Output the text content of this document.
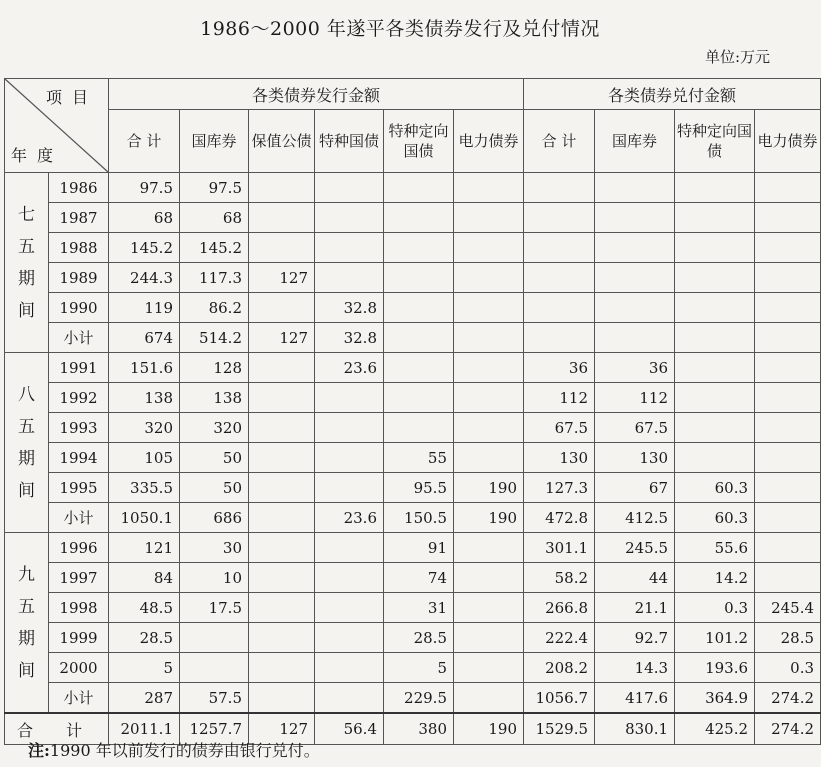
1986～2000 年遂平各类债券发行及兑付情况
单位:万元
项目
年度		各类债券发行金额						各类债券兑付金额			
		合 计	国库券	保值公债	特种国债	特种定向国债	电力债券	合 计	国库券	特种定向国债	电力债券

七
五
期
间	1986	97.5	97.5								
	1987	68	68								
	1988	145.2	145.2								
	1989	244.3	117.3	127							
	1990	119	86.2		32.8						
	小计	674	514.2	127	32.8						

八
五
期
间	1991	151.6	128		23.6			36	36		
	1992	138	138					112	112		
	1993	320	320					67.5	67.5		
	1994	105	50			55		130	130		
	1995	335.5	50			95.5	190	127.3	67	60.3	
	小计	1050.1	686		23.6	150.5	190	472.8	412.5	60.3	

九
五
期
间	1996	121	30			91		301.1	245.5	55.6	
	1997	84	10			74		58.2	44	14.2	
	1998	48.5	17.5			31		266.8	21.1	0.3	245.4
	1999	28.5				28.5		222.4	92.7	101.2	28.5
	2000	5				5		208.2	14.3	193.6	0.3
	小计	287	57.5			229.5		1056.7	417.6	364.9	274.2
合 计		2011.1	1257.7	127	56.4	380	190	1529.5	830.1	425.2	274.2
注:1990 年以前发行的债券由银行兑付。
